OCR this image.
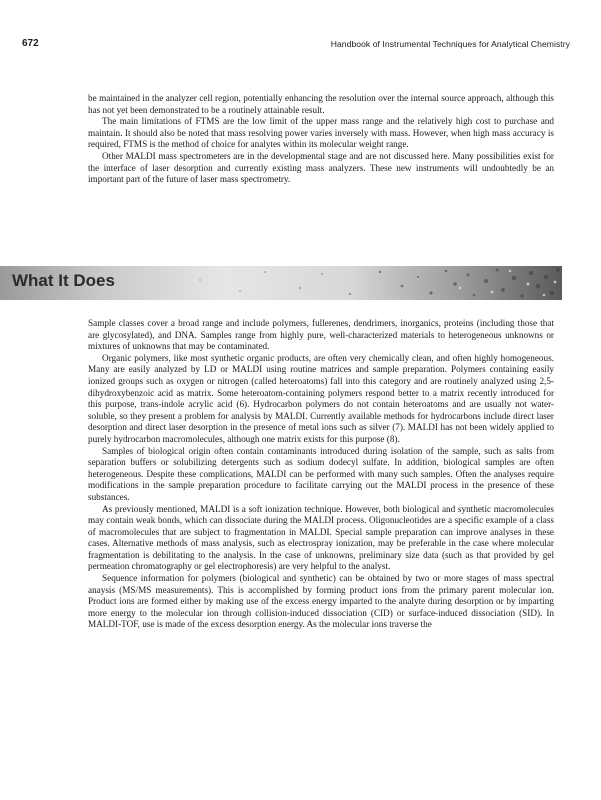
672	Handbook of Instrumental Techniques for Analytical Chemistry

be maintained in the analyzer cell region, potentially enhancing the resolution over the internal source approach, although this has not yet been demonstrated to be a routinely attainable result.

The main limitations of FTMS are the low limit of the upper mass range and the relatively high cost to purchase and maintain. It should also be noted that mass resolving power varies inversely with mass. However, when high mass accuracy is required, FTMS is the method of choice for analytes within its molecular weight range.

Other MALDI mass spectrometers are in the developmental stage and are not discussed here. Many possibilities exist for the interface of laser desorption and currently existing mass analyzers. These new instruments will undoubtedly be an important part of the future of laser mass spectrometry.

What It Does

Sample classes cover a broad range and include polymers, fullerenes, dendrimers, inorganics, proteins (including those that are glycosylated), and DNA. Samples range from highly pure, well-characterized materials to heterogeneous unknowns or mixtures of unknowns that may be contaminated.

Organic polymers, like most synthetic organic products, are often very chemically clean, and often highly homogeneous. Many are easily analyzed by LD or MALDI using routine matrices and sample preparation. Polymers containing easily ionized groups such as oxygen or nitrogen (called heteroatoms) fall into this category and are routinely analyzed using 2,5-dihydroxybenzoic acid as matrix. Some heteroatom-containing polymers respond better to a matrix recently introduced for this purpose, trans-indole acrylic acid (6). Hydrocarbon polymers do not contain heteroatoms and are usually not water-soluble, so they present a problem for analysis by MALDI. Currently available methods for hydrocarbons include direct laser desorption and direct laser desorption in the presence of metal ions such as silver (7). MALDI has not been widely applied to purely hydrocarbon macromolecules, although one matrix exists for this purpose (8).

Samples of biological origin often contain contaminants introduced during isolation of the sample, such as salts from separation buffers or solubilizing detergents such as sodium dodecyl sulfate. In addition, biological samples are often heterogeneous. Despite these complications, MALDI can be performed with many such samples. Often the analyses require modifications in the sample preparation procedure to facilitate carrying out the MALDI process in the presence of these substances.

As previously mentioned, MALDI is a soft ionization technique. However, both biological and synthetic macromolecules may contain weak bonds, which can dissociate during the MALDI process. Oligonucleotides are a specific example of a class of macromolecules that are subject to fragmentation in MALDI. Special sample preparation can improve analyses in these cases. Alternative methods of mass analysis, such as electrospray ionization, may be preferable in the case where molecular fragmentation is debilitating to the analysis. In the case of unknowns, preliminary size data (such as that provided by gel permeation chromatography or gel electrophoresis) are very helpful to the analyst.

Sequence information for polymers (biological and synthetic) can be obtained by two or more stages of mass spectral anaysis (MS/MS measurements). This is accomplished by forming product ions from the primary parent molecular ion. Product ions are formed either by making use of the excess energy imparted to the analyte during desorption or by imparting more energy to the molecular ion through collision-induced dissociation (CID) or surface-induced dissociation (SID). In MALDI-TOF, use is made of the excess desorption energy. As the molecular ions traverse the
